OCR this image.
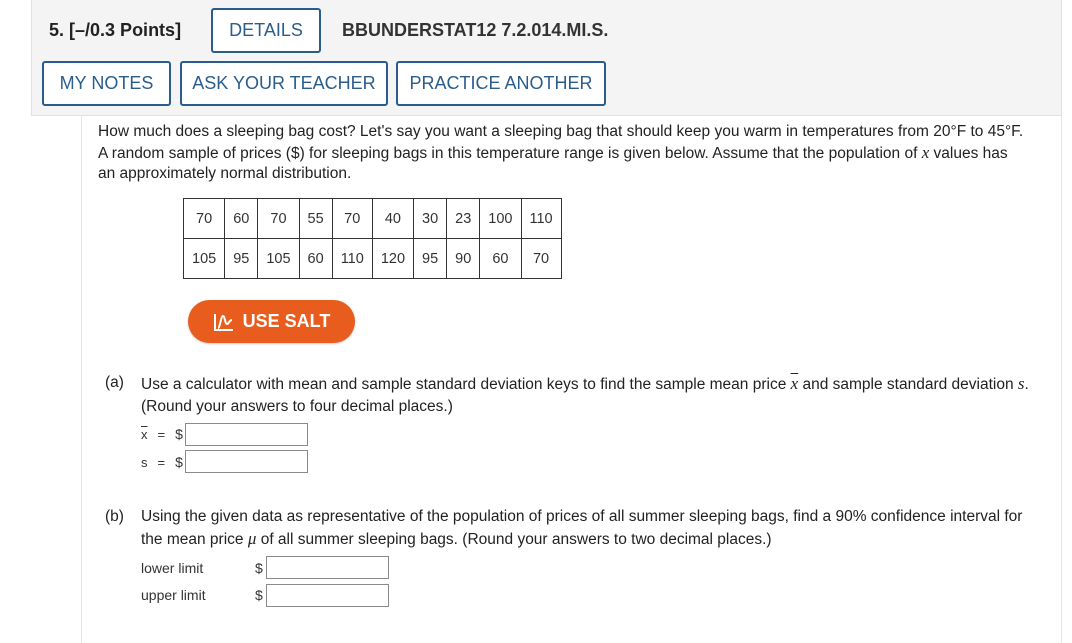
5. [–/0.3 Points]	DETAILS	BBUNDERSTAT12 7.2.014.MI.S.
MY NOTES	ASK YOUR TEACHER	PRACTICE ANOTHER
How much does a sleeping bag cost? Let's say you want a sleeping bag that should keep you warm in temperatures from 20°F to 45°F.
A random sample of prices ($) for sleeping bags in this temperature range is given below. Assume that the population of x values has
an approximately normal distribution.
70	60	70	55	70	40	30	23	100	110
105	95	105	60	110	120	95	90	60	70
USE SALT
(a) Use a calculator with mean and sample standard deviation keys to find the sample mean price $\overline{x}$ and sample standard deviation s.
(Round your answers to four decimal places.)
$\overline{x}$ = $
s = $
(b) Using the given data as representative of the population of prices of all summer sleeping bags, find a 90% confidence interval for
the mean price μ of all summer sleeping bags. (Round your answers to two decimal places.)
lower limit	$
upper limit	$
